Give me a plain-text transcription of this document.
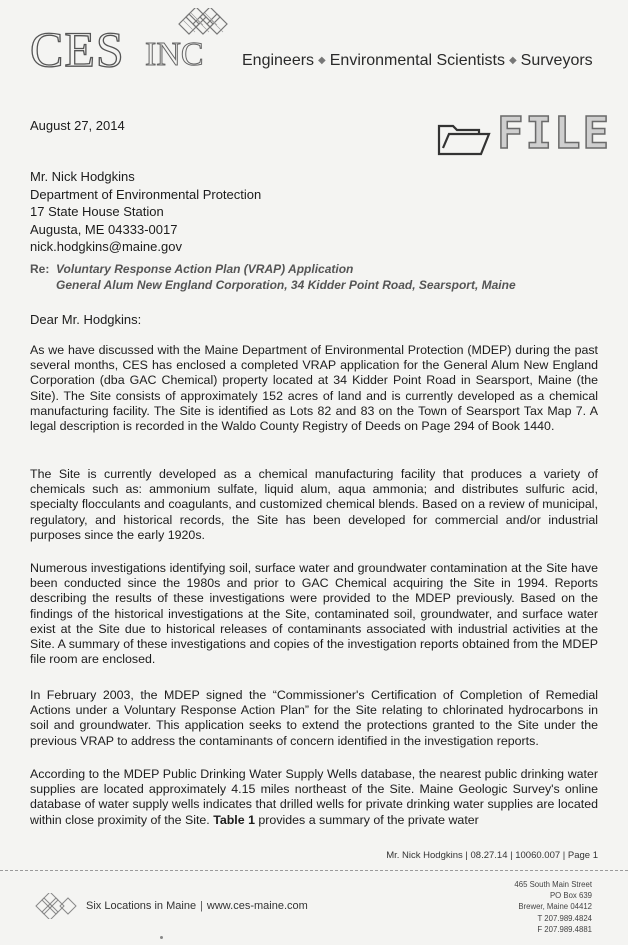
CES INC Engineers ◆ Environmental Scientists ◆ Surveyors
August 27, 2014	FILE
Mr. Nick Hodgkins
Department of Environmental Protection
17 State House Station
Augusta, ME 04333-0017
nick.hodgkins@maine.gov
Re: Voluntary Response Action Plan (VRAP) Application
General Alum New England Corporation, 34 Kidder Point Road, Searsport, Maine
Dear Mr. Hodgkins:
As we have discussed with the Maine Department of Environmental Protection (MDEP) during the past several months, CES has enclosed a completed VRAP application for the General Alum New England Corporation (dba GAC Chemical) property located at 34 Kidder Point Road in Searsport, Maine (the Site). The Site consists of approximately 152 acres of land and is currently developed as a chemical manufacturing facility. The Site is identified as Lots 82 and 83 on the Town of Searsport Tax Map 7. A legal description is recorded in the Waldo County Registry of Deeds on Page 294 of Book 1440.
The Site is currently developed as a chemical manufacturing facility that produces a variety of chemicals such as: ammonium sulfate, liquid alum, aqua ammonia; and distributes sulfuric acid, specialty flocculants and coagulants, and customized chemical blends. Based on a review of municipal, regulatory, and historical records, the Site has been developed for commercial and/or industrial purposes since the early 1920s.
Numerous investigations identifying soil, surface water and groundwater contamination at the Site have been conducted since the 1980s and prior to GAC Chemical acquiring the Site in 1994. Reports describing the results of these investigations were provided to the MDEP previously. Based on the findings of the historical investigations at the Site, contaminated soil, groundwater, and surface water exist at the Site due to historical releases of contaminants associated with industrial activities at the Site. A summary of these investigations and copies of the investigation reports obtained from the MDEP file room are enclosed.
In February 2003, the MDEP signed the “Commissioner's Certification of Completion of Remedial Actions under a Voluntary Response Action Plan” for the Site relating to chlorinated hydrocarbons in soil and groundwater. This application seeks to extend the protections granted to the Site under the previous VRAP to address the contaminants of concern identified in the investigation reports.
According to the MDEP Public Drinking Water Supply Wells database, the nearest public drinking water supplies are located approximately 4.15 miles northeast of the Site. Maine Geologic Survey's online database of water supply wells indicates that drilled wells for private drinking water supplies are located within close proximity of the Site. Table 1 provides a summary of the private water
Mr. Nick Hodgkins | 08.27.14 | 10060.007 | Page 1
Six Locations in Maine | www.ces-maine.com
465 South Main Street
PO Box 639
Brewer, Maine 04412
T 207.989.4824
F 207.989.4881
